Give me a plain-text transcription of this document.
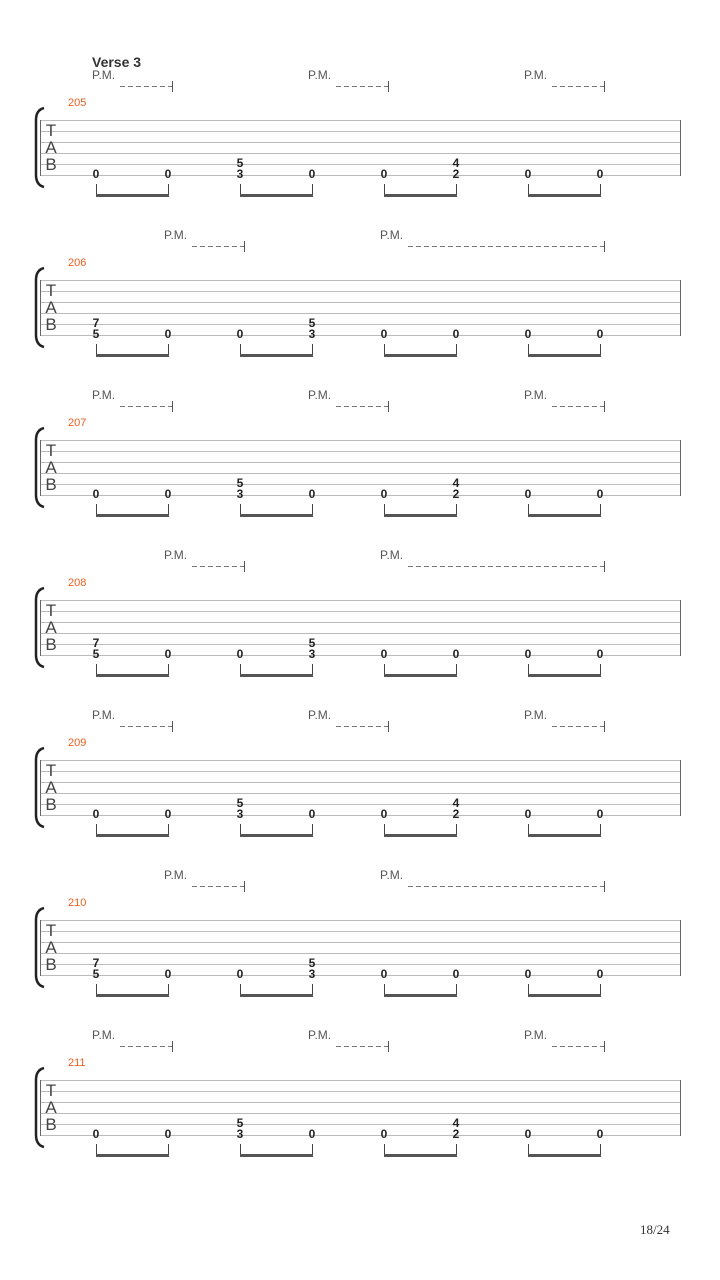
Verse 3
P.M.	P.M.	P.M.
205
T
A
B	0	0
5
3	0	0
4
2	0	0
P.M.	P.M.
206
T
A
B	7
5	0	0
5
3	0	0	0	0
P.M.	P.M.	P.M.
207
T
A
B	0	0
5
3	0	0
4
2	0	0
P.M.	P.M.
208
T
A
B	7
5	0	0
5
3	0	0	0	0
P.M.	P.M.	P.M.
209
T
A
B	0	0
5
3	0	0
4
2	0	0
P.M.	P.M.
210
T
A
B	7
5	0	0
5
3	0	0	0	0
P.M.	P.M.	P.M.
211
T
A
B	0	0
5
3	0	0
4
2	0	0
18/24
